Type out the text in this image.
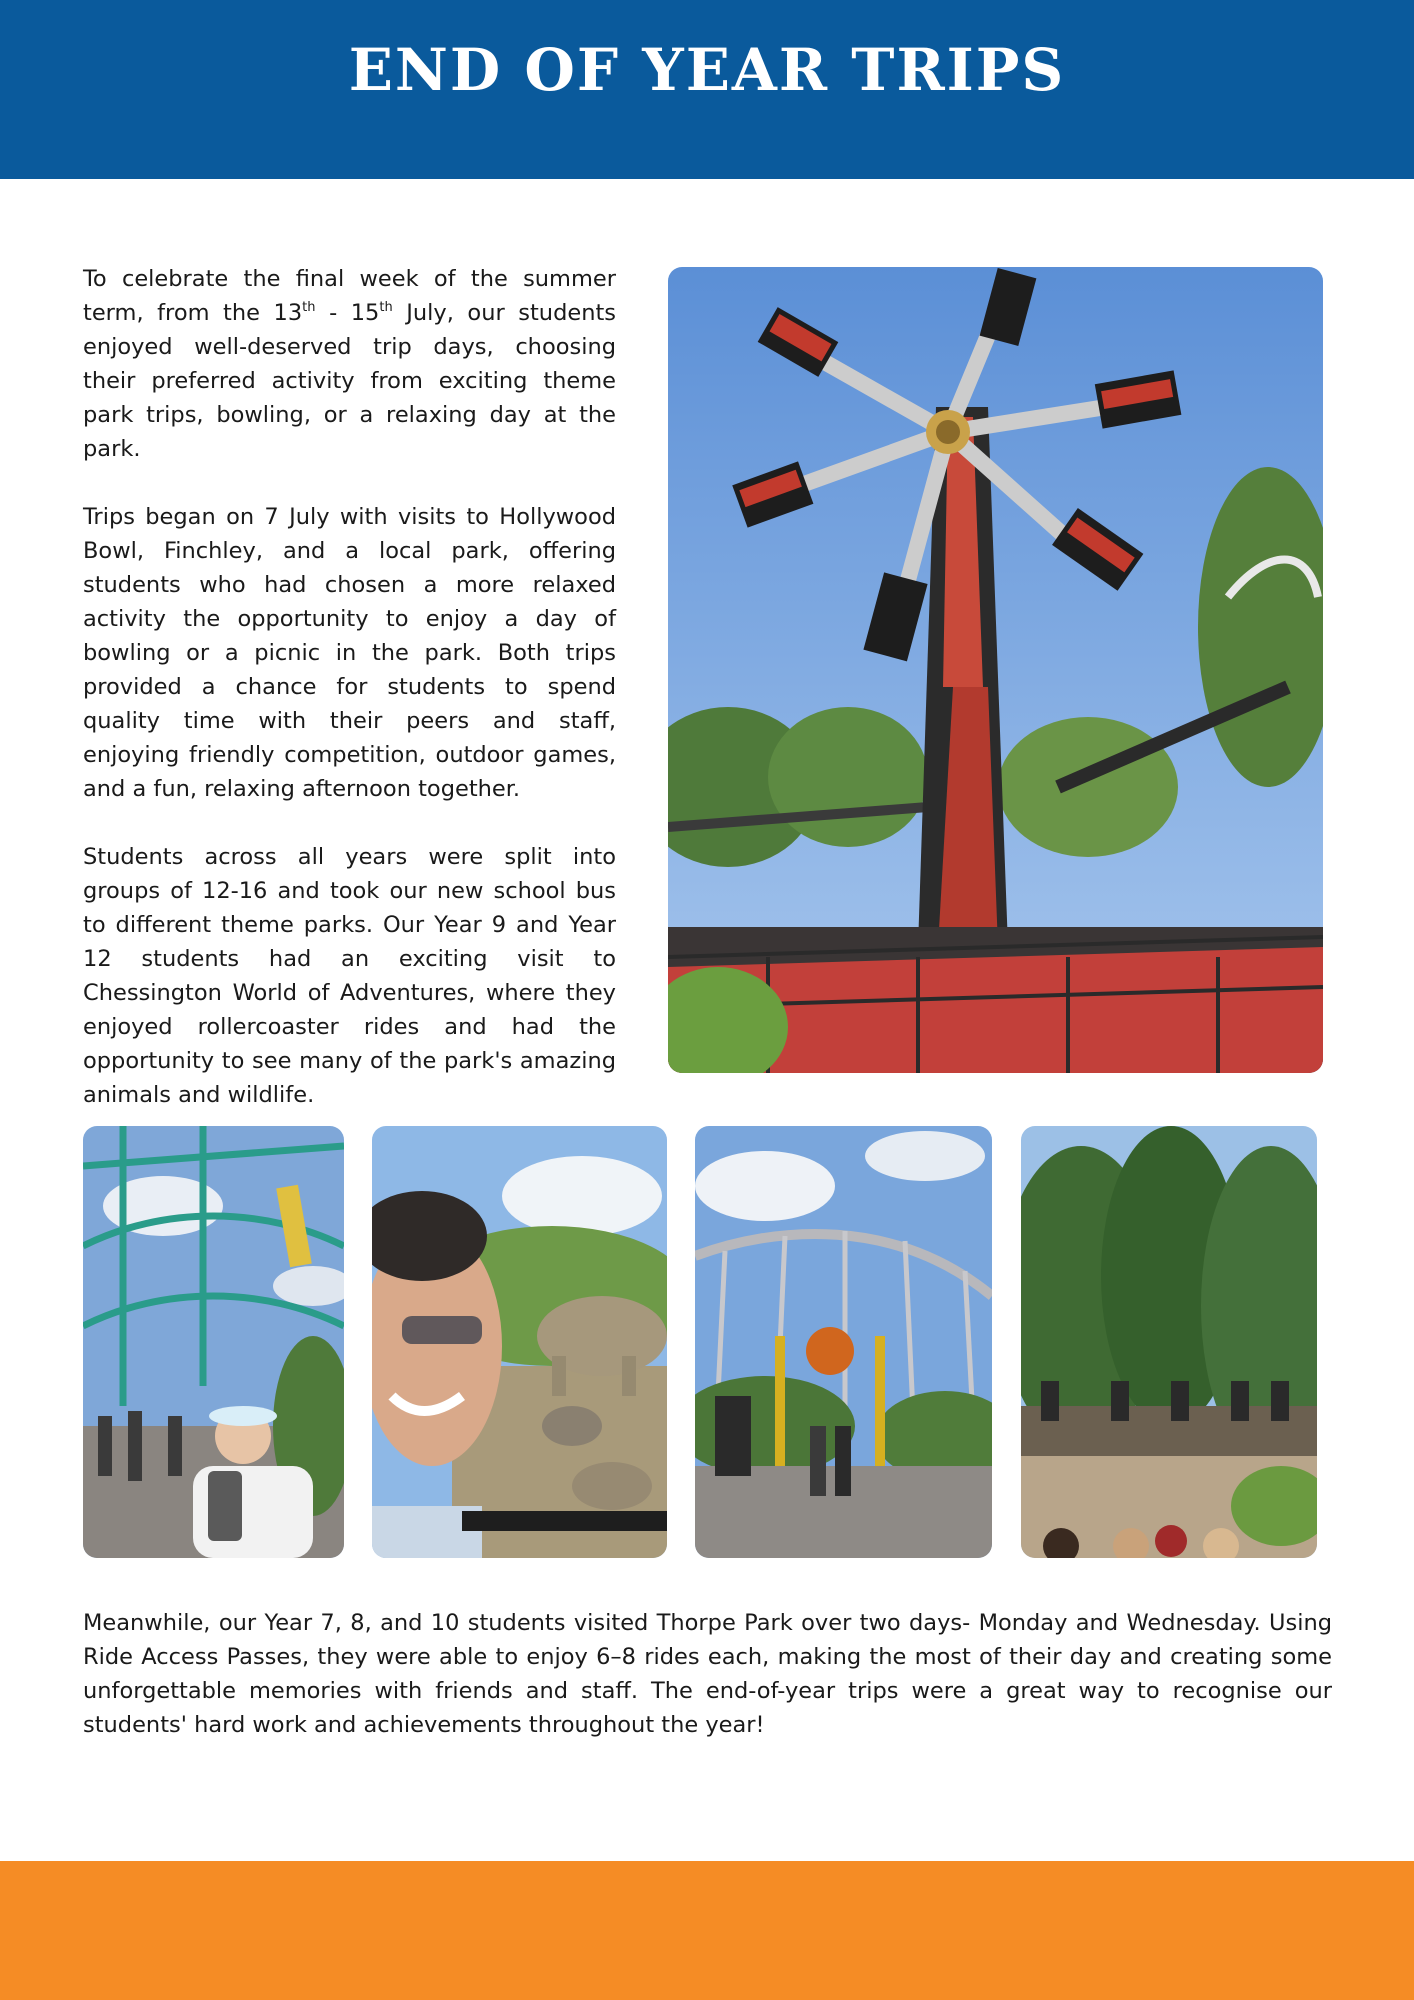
END OF YEAR TRIPS

To celebrate the final week of the summer term, from the 13th - 15th July, our students enjoyed well-deserved trip days, choosing their preferred activity from exciting theme park trips, bowling, or a relaxing day at the park.

Trips began on 7 July with visits to Hollywood Bowl, Finchley, and a local park, offering students who had chosen a more relaxed activity the opportunity to enjoy a day of bowling or a picnic in the park. Both trips provided a chance for students to spend quality time with their peers and staff, enjoying friendly competition, outdoor games, and a fun, relaxing afternoon together.

Students across all years were split into groups of 12-16 and took our new school bus to different theme parks. Our Year 9 and Year 12 students had an exciting visit to Chessington World of Adventures, where they enjoyed rollercoaster rides and had the opportunity to see many of the park's amazing animals and wildlife.

Meanwhile, our Year 7, 8, and 10 students visited Thorpe Park over two days- Monday and Wednesday. Using Ride Access Passes, they were able to enjoy 6–8 rides each, making the most of their day and creating some unforgettable memories with friends and staff. The end-of-year trips were a great way to recognise our students' hard work and achievements throughout the year!
